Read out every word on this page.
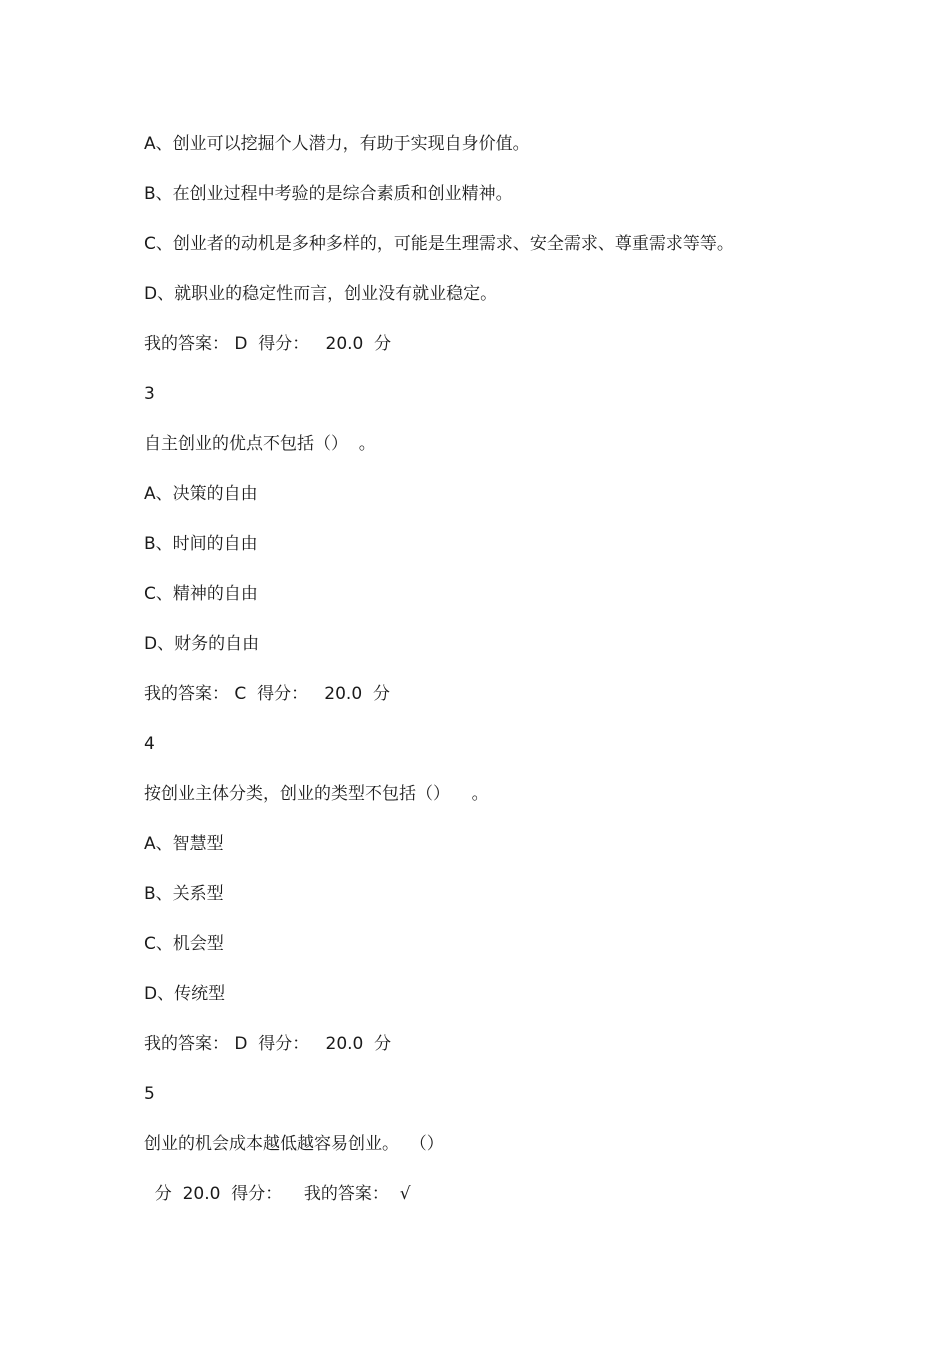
A、创业可以挖掘个人潜力，有助于实现自身价值。

B、在创业过程中考验的是综合素质和创业精神。

C、创业者的动机是多种多样的，可能是生理需求、安全需求、尊重需求等等。

D、就职业的稳定性而言，创业没有就业稳定。

我的答案： D  得分：   20.0  分

3

自主创业的优点不包括（）  。

A、决策的自由

B、时间的自由

C、精神的自由

D、财务的自由

我的答案： C  得分：   20.0  分

4

按创业主体分类，创业的类型不包括（）    。

A、智慧型

B、关系型

C、机会型

D、传统型

我的答案： D  得分：   20.0  分

5

创业的机会成本越低越容易创业。  （）

分  20.0  得分：    我的答案：  √
